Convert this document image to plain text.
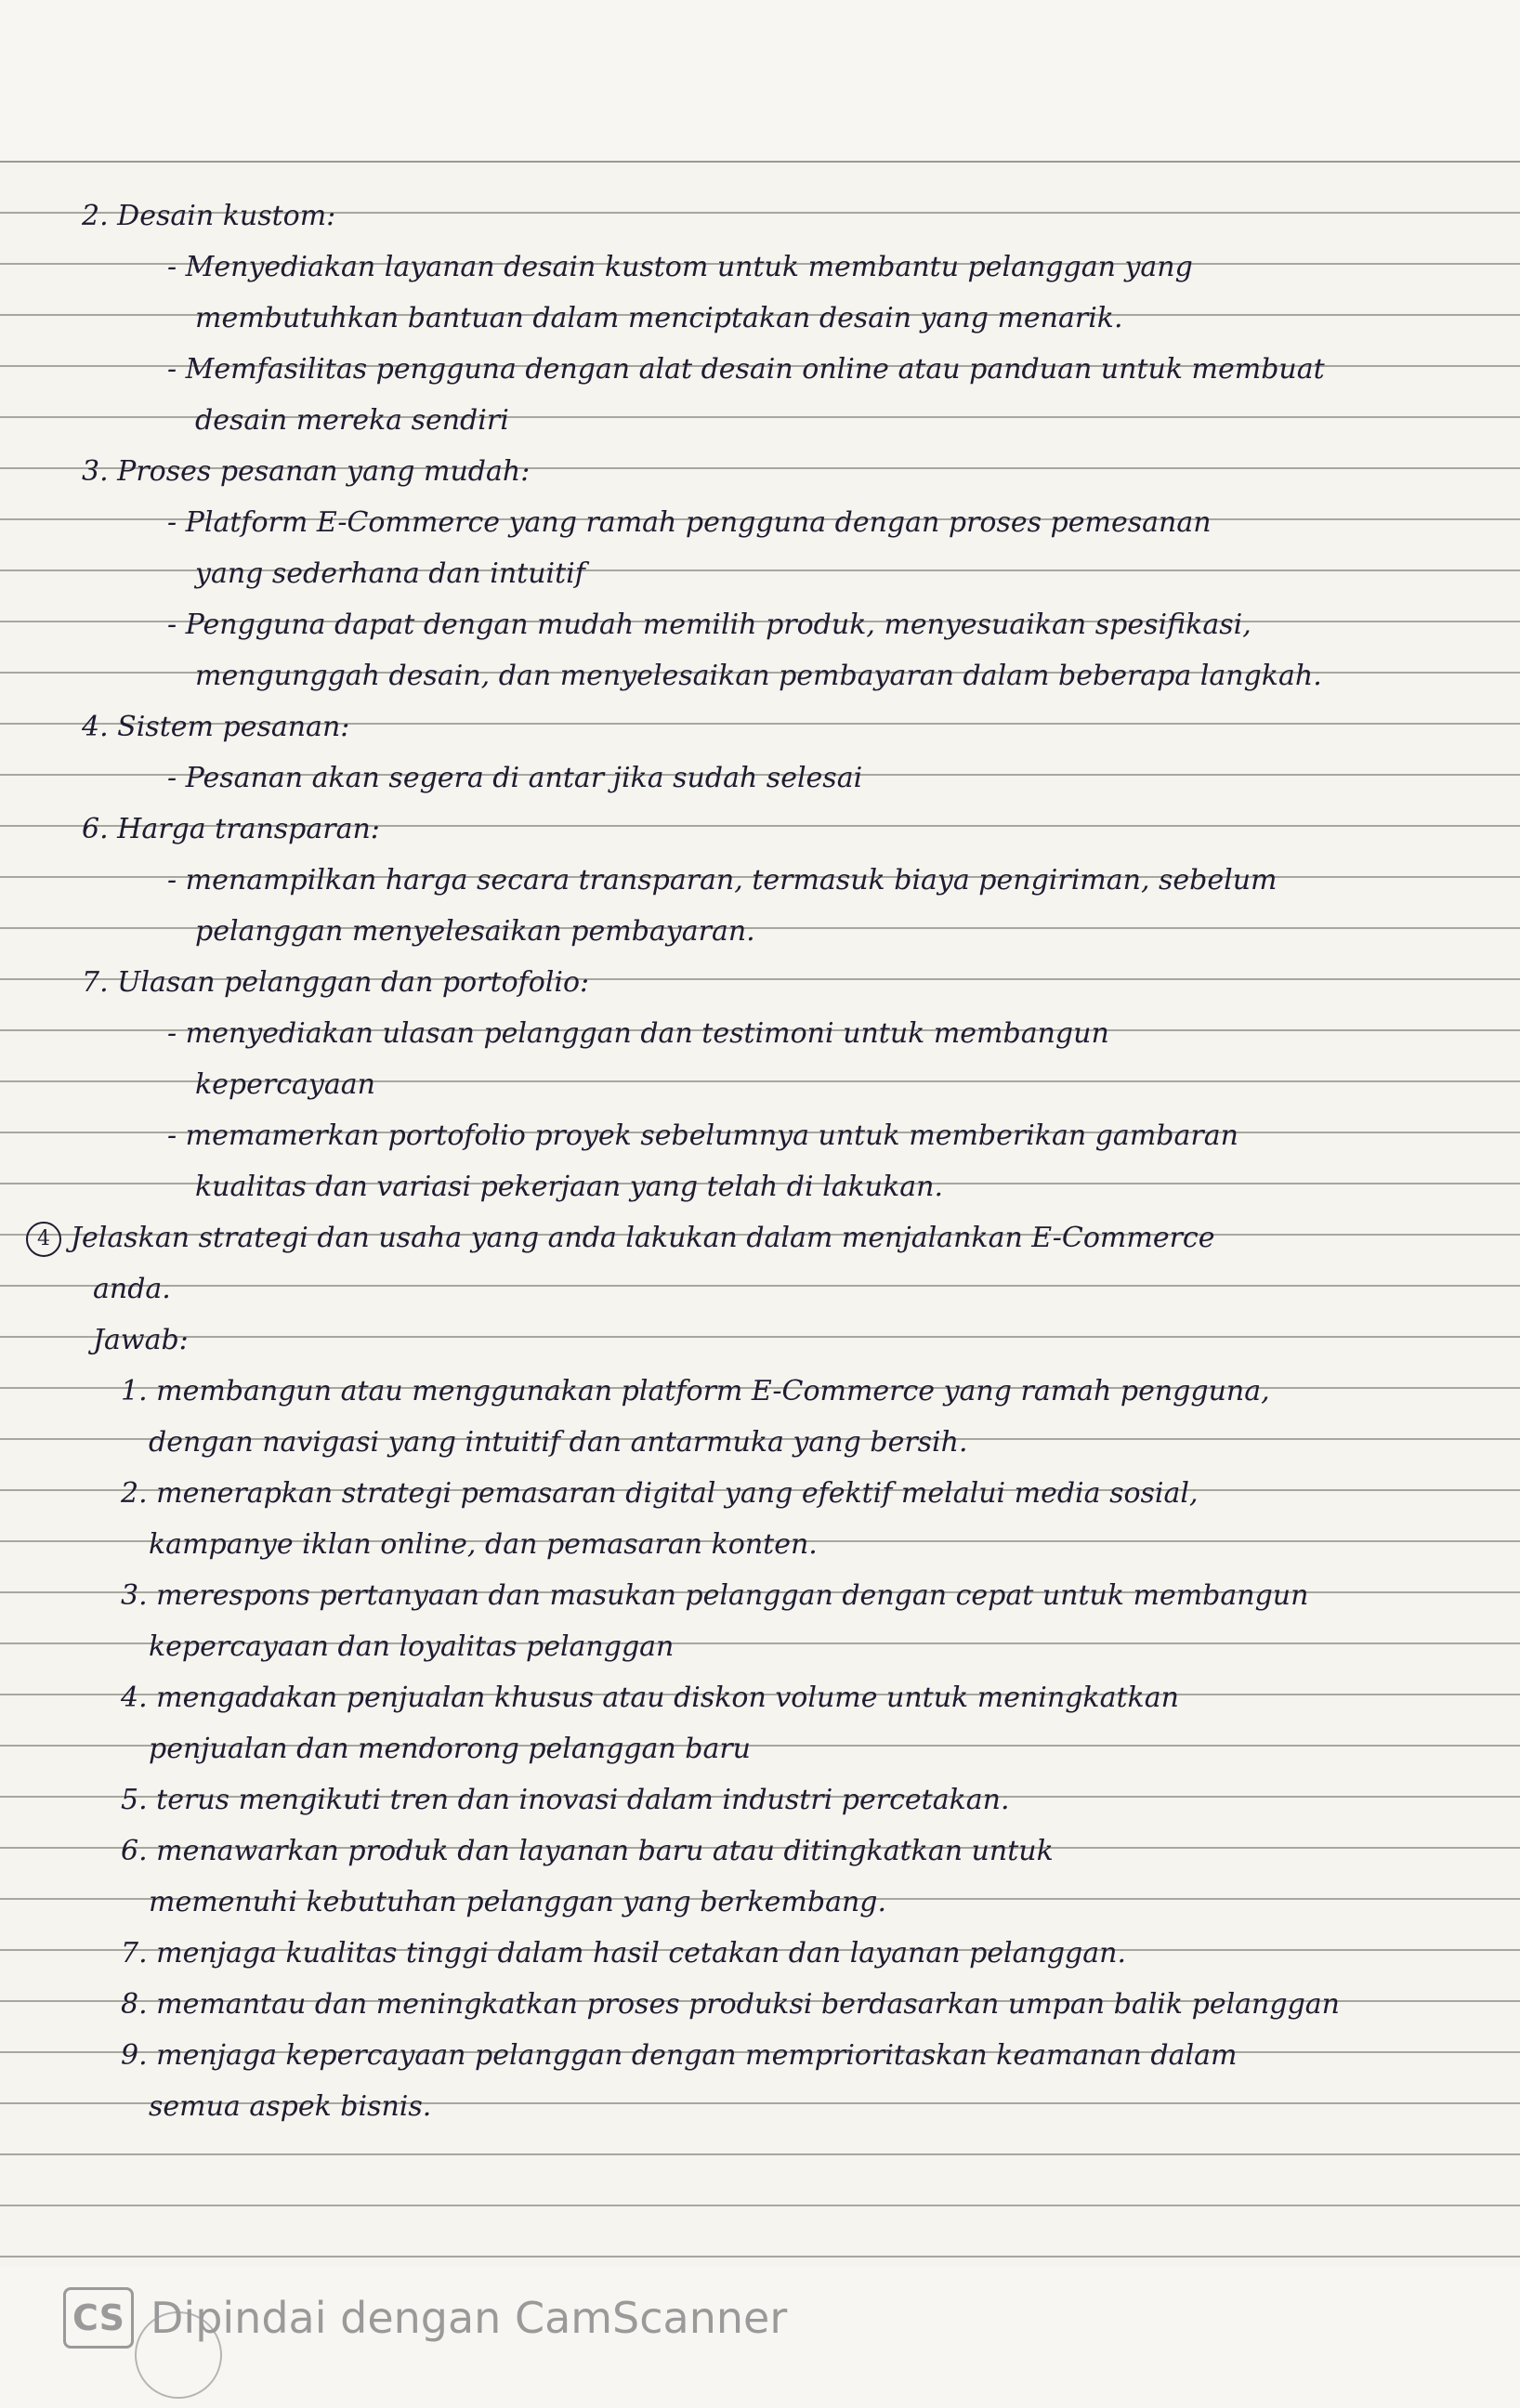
2. Desain kustom:
- Menyediakan layanan desain kustom untuk membantu pelanggan yang
membutuhkan bantuan dalam menciptakan desain yang menarik.
- Memfasilitas pengguna dengan alat desain online atau panduan untuk membuat
desain mereka sendiri
3. Proses pesanan yang mudah:
- Platform E-Commerce yang ramah pengguna dengan proses pemesanan
yang sederhana dan intuitif
- Pengguna dapat dengan mudah memilih produk, menyesuaikan spesifikasi,
mengunggah desain, dan menyelesaikan pembayaran dalam beberapa langkah.
4. Sistem pesanan:
- Pesanan akan segera di antar jika sudah selesai
6. Harga transparan:
- menampilkan harga secara transparan, termasuk biaya pengiriman, sebelum
pelanggan menyelesaikan pembayaran.
7. Ulasan pelanggan dan portofolio:
- menyediakan ulasan pelanggan dan testimoni untuk membangun
kepercayaan
- memamerkan portofolio proyek sebelumnya untuk memberikan gambaran
kualitas dan variasi pekerjaan yang telah di lakukan.
4 Jelaskan strategi dan usaha yang anda lakukan dalam menjalankan E-Commerce
anda.
Jawab:
1. membangun atau menggunakan platform E-Commerce yang ramah pengguna,
dengan navigasi yang intuitif dan antarmuka yang bersih.
2. menerapkan strategi pemasaran digital yang efektif melalui media sosial,
kampanye iklan online, dan pemasaran konten.
3. merespons pertanyaan dan masukan pelanggan dengan cepat untuk membangun
kepercayaan dan loyalitas pelanggan
4. mengadakan penjualan khusus atau diskon volume untuk meningkatkan
penjualan dan mendorong pelanggan baru
5. terus mengikuti tren dan inovasi dalam industri percetakan.
6. menawarkan produk dan layanan baru atau ditingkatkan untuk
memenuhi kebutuhan pelanggan yang berkembang.
7. menjaga kualitas tinggi dalam hasil cetakan dan layanan pelanggan.
8. memantau dan meningkatkan proses produksi berdasarkan umpan balik pelanggan
9. menjaga kepercayaan pelanggan dengan memprioritaskan keamanan dalam
semua aspek bisnis.
CS Dipindai dengan CamScanner
